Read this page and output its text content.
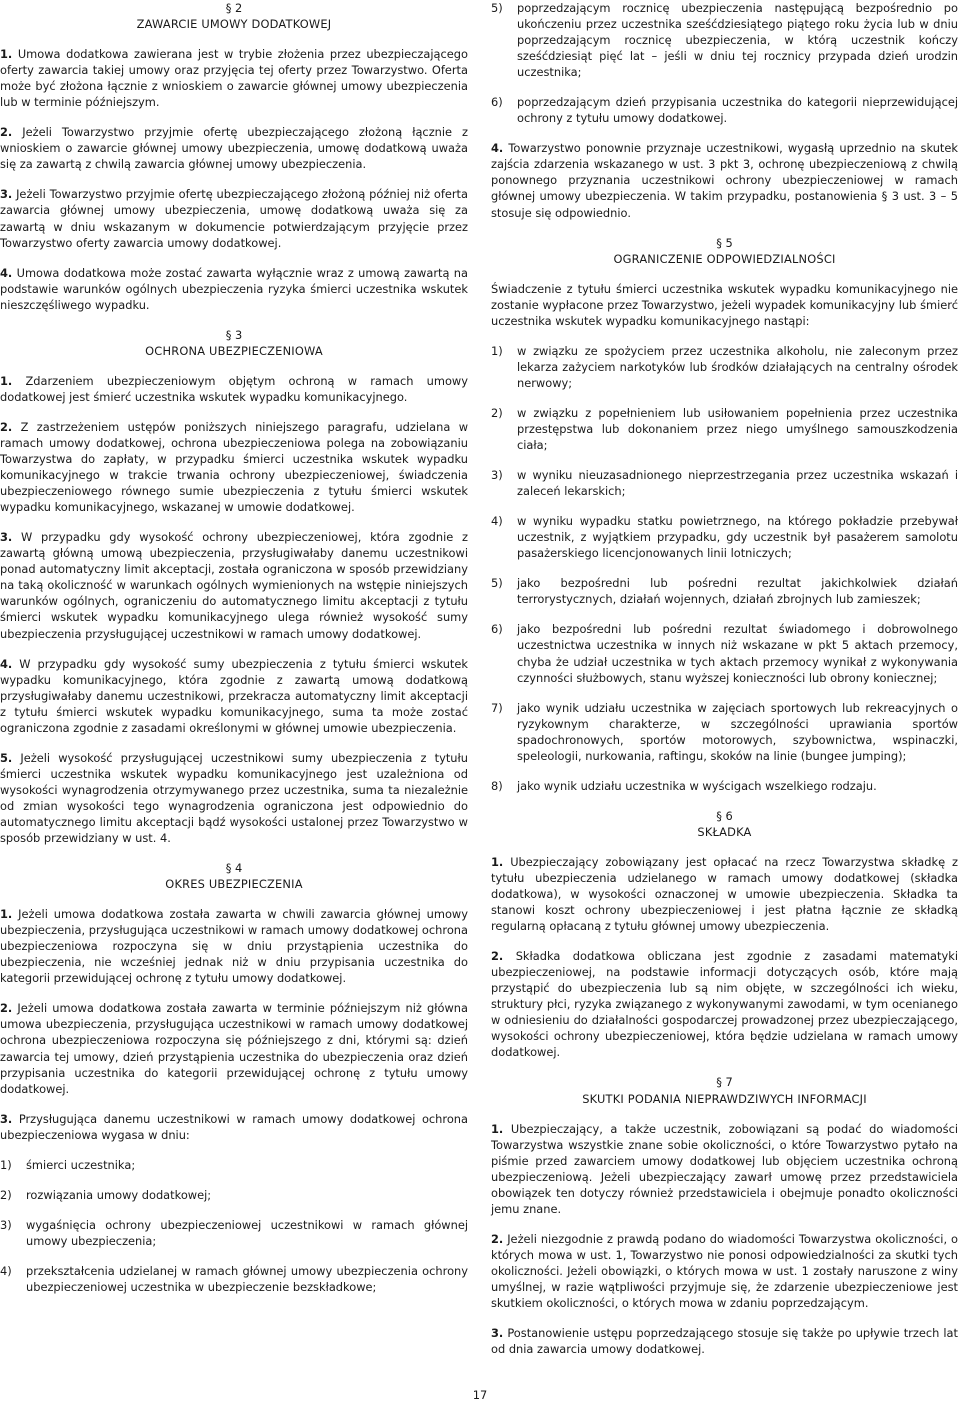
§ 2
ZAWARCIE UMOWY DODATKOWEJ
1. Umowa dodatkowa zawierana jest w trybie złożenia przez ubezpieczającego oferty zawarcia takiej umowy oraz przyjęcia tej oferty przez Towarzystwo. Oferta może być złożona łącznie z wnioskiem o zawarcie głównej umowy ubezpieczenia lub w terminie późniejszym.
2. Jeżeli Towarzystwo przyjmie ofertę ubezpieczającego złożoną łącznie z wnioskiem o zawarcie głównej umowy ubezpieczenia, umowę dodatkową uważa się za zawartą z chwilą zawarcia głównej umowy ubezpieczenia.
3. Jeżeli Towarzystwo przyjmie ofertę ubezpieczającego złożoną później niż oferta zawarcia głównej umowy ubezpieczenia, umowę dodatkową uważa się za zawartą w dniu wskazanym w dokumencie potwierdzającym przyjęcie przez Towarzystwo oferty zawarcia umowy dodatkowej.
4. Umowa dodatkowa może zostać zawarta wyłącznie wraz z umową zawartą na podstawie warunków ogólnych ubezpieczenia ryzyka śmierci uczestnika wskutek nieszczęśliwego wypadku.
§ 3
OCHRONA UBEZPIECZENIOWA
1. Zdarzeniem ubezpieczeniowym objętym ochroną w ramach umowy dodatkowej jest śmierć uczestnika wskutek wypadku komunikacyjnego.
2. Z zastrzeżeniem ustępów poniższych niniejszego paragrafu, udzielana w ramach umowy dodatkowej, ochrona ubezpieczeniowa polega na zobowiązaniu Towarzystwa do zapłaty, w przypadku śmierci uczestnika wskutek wypadku komunikacyjnego w trakcie trwania ochrony ubezpieczeniowej, świadczenia ubezpieczeniowego równego sumie ubezpieczenia z tytułu śmierci wskutek wypadku komunikacyjnego, wskazanej w umowie dodatkowej.
3. W przypadku gdy wysokość ochrony ubezpieczeniowej, która zgodnie z zawartą główną umową ubezpieczenia, przysługiwałaby danemu uczestnikowi ponad automatyczny limit akceptacji, została ograniczona w sposób przewidziany na taką okoliczność w warunkach ogólnych wymienionych na wstępie niniejszych warunków ogólnych, ograniczeniu do automatycznego limitu akceptacji z tytułu śmierci wskutek wypadku komunikacyjnego ulega również wysokość sumy ubezpieczenia przysługującej uczestnikowi w ramach umowy dodatkowej.
4. W przypadku gdy wysokość sumy ubezpieczenia z tytułu śmierci wskutek wypadku komunikacyjnego, która zgodnie z zawartą umową dodatkową przysługiwałaby danemu uczestnikowi, przekracza automatyczny limit akceptacji z tytułu śmierci wskutek wypadku komunikacyjnego, suma ta może zostać ograniczona zgodnie z zasadami określonymi w głównej umowie ubezpieczenia.
5. Jeżeli wysokość przysługującej uczestnikowi sumy ubezpieczenia z tytułu śmierci uczestnika wskutek wypadku komunikacyjnego jest uzależniona od wysokości wynagrodzenia otrzymywanego przez uczestnika, suma ta niezależnie od zmian wysokości tego wynagrodzenia ograniczona jest odpowiednio do automatycznego limitu akceptacji bądź wysokości ustalonej przez Towarzystwo w sposób przewidziany w ust. 4.
§ 4
OKRES UBEZPIECZENIA
1. Jeżeli umowa dodatkowa została zawarta w chwili zawarcia głównej umowy ubezpieczenia, przysługująca uczestnikowi w ramach umowy dodatkowej ochrona ubezpieczeniowa rozpoczyna się w dniu przystąpienia uczestnika do ubezpieczenia, nie wcześniej jednak niż w dniu przypisania uczestnika do kategorii przewidującej ochronę z tytułu umowy dodatkowej.
2. Jeżeli umowa dodatkowa została zawarta w terminie późniejszym niż główna umowa ubezpieczenia, przysługująca uczestnikowi w ramach umowy dodatkowej ochrona ubezpieczeniowa rozpoczyna się późniejszego z dni, którymi są: dzień zawarcia tej umowy, dzień przystąpienia uczestnika do ubezpieczenia oraz dzień przypisania uczestnika do kategorii przewidującej ochronę z tytułu umowy dodatkowej.
3. Przysługująca danemu uczestnikowi w ramach umowy dodatkowej ochrona ubezpieczeniowa wygasa w dniu:
1) śmierci uczestnika;
2) rozwiązania umowy dodatkowej;
3) wygaśnięcia ochrony ubezpieczeniowej uczestnikowi w ramach głównej umowy ubezpieczenia;
4) przekształcenia udzielanej w ramach głównej umowy ubezpieczenia ochrony ubezpieczeniowej uczestnika w ubezpieczenie bezskładkowe;
5) poprzedzającym rocznicę ubezpieczenia następującą bezpośrednio po ukończeniu przez uczestnika sześćdziesiątego piątego roku życia lub w dniu poprzedzającym rocznicę ubezpieczenia, w którą uczestnik kończy sześćdziesiąt pięć lat – jeśli w dniu tej rocznicy przypada dzień urodzin uczestnika;
6) poprzedzającym dzień przypisania uczestnika do kategorii nieprzewidującej ochrony z tytułu umowy dodatkowej.
4. Towarzystwo ponownie przyznaje uczestnikowi, wygasłą uprzednio na skutek zajścia zdarzenia wskazanego w ust. 3 pkt 3, ochronę ubezpieczeniową z chwilą ponownego przyznania uczestnikowi ochrony ubezpieczeniowej w ramach głównej umowy ubezpieczenia. W takim przypadku, postanowienia § 3 ust. 3 – 5 stosuje się odpowiednio.
§ 5
OGRANICZENIE ODPOWIEDZIALNOŚCI
Świadczenie z tytułu śmierci uczestnika wskutek wypadku komunikacyjnego nie zostanie wypłacone przez Towarzystwo, jeżeli wypadek komunikacyjny lub śmierć uczestnika wskutek wypadku komunikacyjnego nastąpi:
1) w związku ze spożyciem przez uczestnika alkoholu, nie zaleconym przez lekarza zażyciem narkotyków lub środków działających na centralny ośrodek nerwowy;
2) w związku z popełnieniem lub usiłowaniem popełnienia przez uczestnika przestępstwa lub dokonaniem przez niego umyślnego samouszkodzenia ciała;
3) w wyniku nieuzasadnionego nieprzestrzegania przez uczestnika wskazań i zaleceń lekarskich;
4) w wyniku wypadku statku powietrznego, na którego pokładzie przebywał uczestnik, z wyjątkiem przypadku, gdy uczestnik był pasażerem samolotu pasażerskiego licencjonowanych linii lotniczych;
5) jako bezpośredni lub pośredni rezultat jakichkolwiek działań terrorystycznych, działań wojennych, działań zbrojnych lub zamieszek;
6) jako bezpośredni lub pośredni rezultat świadomego i dobrowolnego uczestnictwa uczestnika w innych niż wskazane w pkt 5 aktach przemocy, chyba że udział uczestnika w tych aktach przemocy wynikał z wykonywania czynności służbowych, stanu wyższej konieczności lub obrony koniecznej;
7) jako wynik udziału uczestnika w zajęciach sportowych lub rekreacyjnych o ryzykownym charakterze, w szczególności uprawiania sportów spadochronowych, sportów motorowych, szybownictwa, wspinaczki, speleologii, nurkowania, raftingu, skoków na linie (bungee jumping);
8) jako wynik udziału uczestnika w wyścigach wszelkiego rodzaju.
§ 6
SKŁADKA
1. Ubezpieczający zobowiązany jest opłacać na rzecz Towarzystwa składkę z tytułu ubezpieczenia udzielanego w ramach umowy dodatkowej (składka dodatkowa), w wysokości oznaczonej w umowie ubezpieczenia. Składka ta stanowi koszt ochrony ubezpieczeniowej i jest płatna łącznie ze składką regularną opłacaną z tytułu głównej umowy ubezpieczenia.
2. Składka dodatkowa obliczana jest zgodnie z zasadami matematyki ubezpieczeniowej, na podstawie informacji dotyczących osób, które mają przystąpić do ubezpieczenia lub są nim objęte, w szczególności ich wieku, struktury płci, ryzyka związanego z wykonywanymi zawodami, w tym ocenianego w odniesieniu do działalności gospodarczej prowadzonej przez ubezpieczającego, wysokości ochrony ubezpieczeniowej, która będzie udzielana w ramach umowy dodatkowej.
§ 7
SKUTKI PODANIA NIEPRAWDZIWYCH INFORMACJI
1. Ubezpieczający, a także uczestnik, zobowiązani są podać do wiadomości Towarzystwa wszystkie znane sobie okoliczności, o które Towarzystwo pytało na piśmie przed zawarciem umowy dodatkowej lub objęciem uczestnika ochroną ubezpieczeniową. Jeżeli ubezpieczający zawarł umowę przez przedstawiciela obowiązek ten dotyczy również przedstawiciela i obejmuje ponadto okoliczności jemu znane.
2. Jeżeli niezgodnie z prawdą podano do wiadomości Towarzystwa okoliczności, o których mowa w ust. 1, Towarzystwo nie ponosi odpowiedzialności za skutki tych okoliczności. Jeżeli obowiązki, o których mowa w ust. 1 zostały naruszone z winy umyślnej, w razie wątpliwości przyjmuje się, że zdarzenie ubezpieczeniowe jest skutkiem okoliczności, o których mowa w zdaniu poprzedzającym.
3. Postanowienie ustępu poprzedzającego stosuje się także po upływie trzech lat od dnia zawarcia umowy dodatkowej.
17
